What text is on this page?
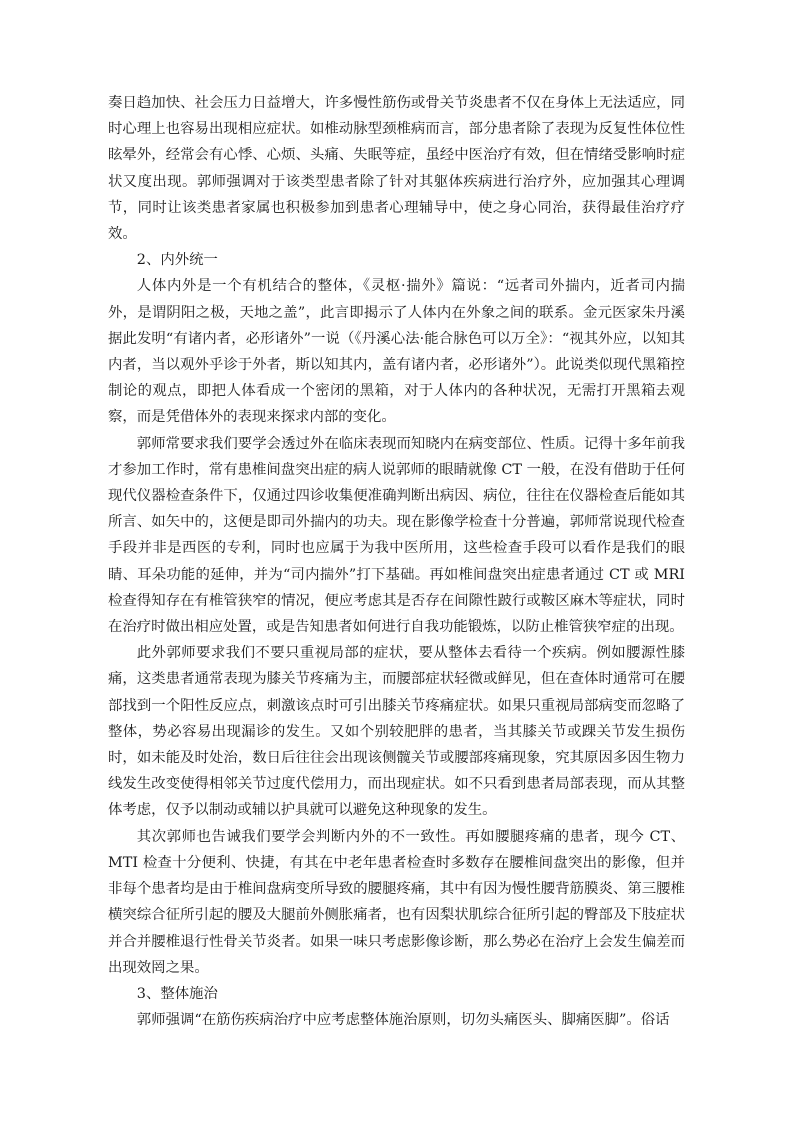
奏日趋加快、社会压力日益增大，许多慢性筋伤或骨关节炎患者不仅在身体上无法适应，同时心理上也容易出现相应症状。如椎动脉型颈椎病而言，部分患者除了表现为反复性体位性眩晕外，经常会有心悸、心烦、头痛、失眠等症，虽经中医治疗有效，但在情绪受影响时症状又度出现。郭师强调对于该类型患者除了针对其躯体疾病进行治疗外，应加强其心理调节，同时让该类患者家属也积极参加到患者心理辅导中，使之身心同治，获得最佳治疗疗效。

2、内外统一

人体内外是一个有机结合的整体，《灵枢·揣外》篇说：“远者司外揣内，近者司内揣外，是谓阴阳之极，天地之盖”，此言即揭示了人体内在外象之间的联系。金元医家朱丹溪据此发明“有诸内者，必形诸外”一说（《丹溪心法·能合脉色可以万全》：“视其外应，以知其内者，当以观外乎诊于外者，斯以知其内，盖有诸内者，必形诸外”）。此说类似现代黑箱控制论的观点，即把人体看成一个密闭的黑箱，对于人体内的各种状况，无需打开黑箱去观察，而是凭借体外的表现来探求内部的变化。

郭师常要求我们要学会透过外在临床表现而知晓内在病变部位、性质。记得十多年前我才参加工作时，常有患椎间盘突出症的病人说郭师的眼睛就像 CT 一般，在没有借助于任何现代仪器检查条件下，仅通过四诊收集便准确判断出病因、病位，往往在仪器检查后能如其所言、如矢中的，这便是即司外揣内的功夫。现在影像学检查十分普遍，郭师常说现代检查手段并非是西医的专利，同时也应属于为我中医所用，这些检查手段可以看作是我们的眼睛、耳朵功能的延伸，并为“司内揣外”打下基础。再如椎间盘突出症患者通过 CT 或 MRI 检查得知存在有椎管狭窄的情况，便应考虑其是否存在间隙性跛行或鞍区麻木等症状，同时在治疗时做出相应处置，或是告知患者如何进行自我功能锻炼，以防止椎管狭窄症的出现。

此外郭师要求我们不要只重视局部的症状，要从整体去看待一个疾病。例如腰源性膝痛，这类患者通常表现为膝关节疼痛为主，而腰部症状轻微或鲜见，但在查体时通常可在腰部找到一个阳性反应点，刺激该点时可引出膝关节疼痛症状。如果只重视局部病变而忽略了整体，势必容易出现漏诊的发生。又如个别较肥胖的患者，当其膝关节或踝关节发生损伤时，如未能及时处治，数日后往往会出现该侧髋关节或腰部疼痛现象，究其原因多因生物力线发生改变使得相邻关节过度代偿用力，而出现症状。如不只看到患者局部表现，而从其整体考虑，仅予以制动或辅以护具就可以避免这种现象的发生。

其次郭师也告诫我们要学会判断内外的不一致性。再如腰腿疼痛的患者，现今 CT、MTI 检查十分便利、快捷，有其在中老年患者检查时多数存在腰椎间盘突出的影像，但并非每个患者均是由于椎间盘病变所导致的腰腿疼痛，其中有因为慢性腰背筋膜炎、第三腰椎横突综合征所引起的腰及大腿前外侧胀痛者，也有因梨状肌综合征所引起的臀部及下肢症状并合并腰椎退行性骨关节炎者。如果一味只考虑影像诊断，那么势必在治疗上会发生偏差而出现效罔之果。

3、整体施治

郭师强调“在筋伤疾病治疗中应考虑整体施治原则，切勿头痛医头、脚痛医脚”。俗话
